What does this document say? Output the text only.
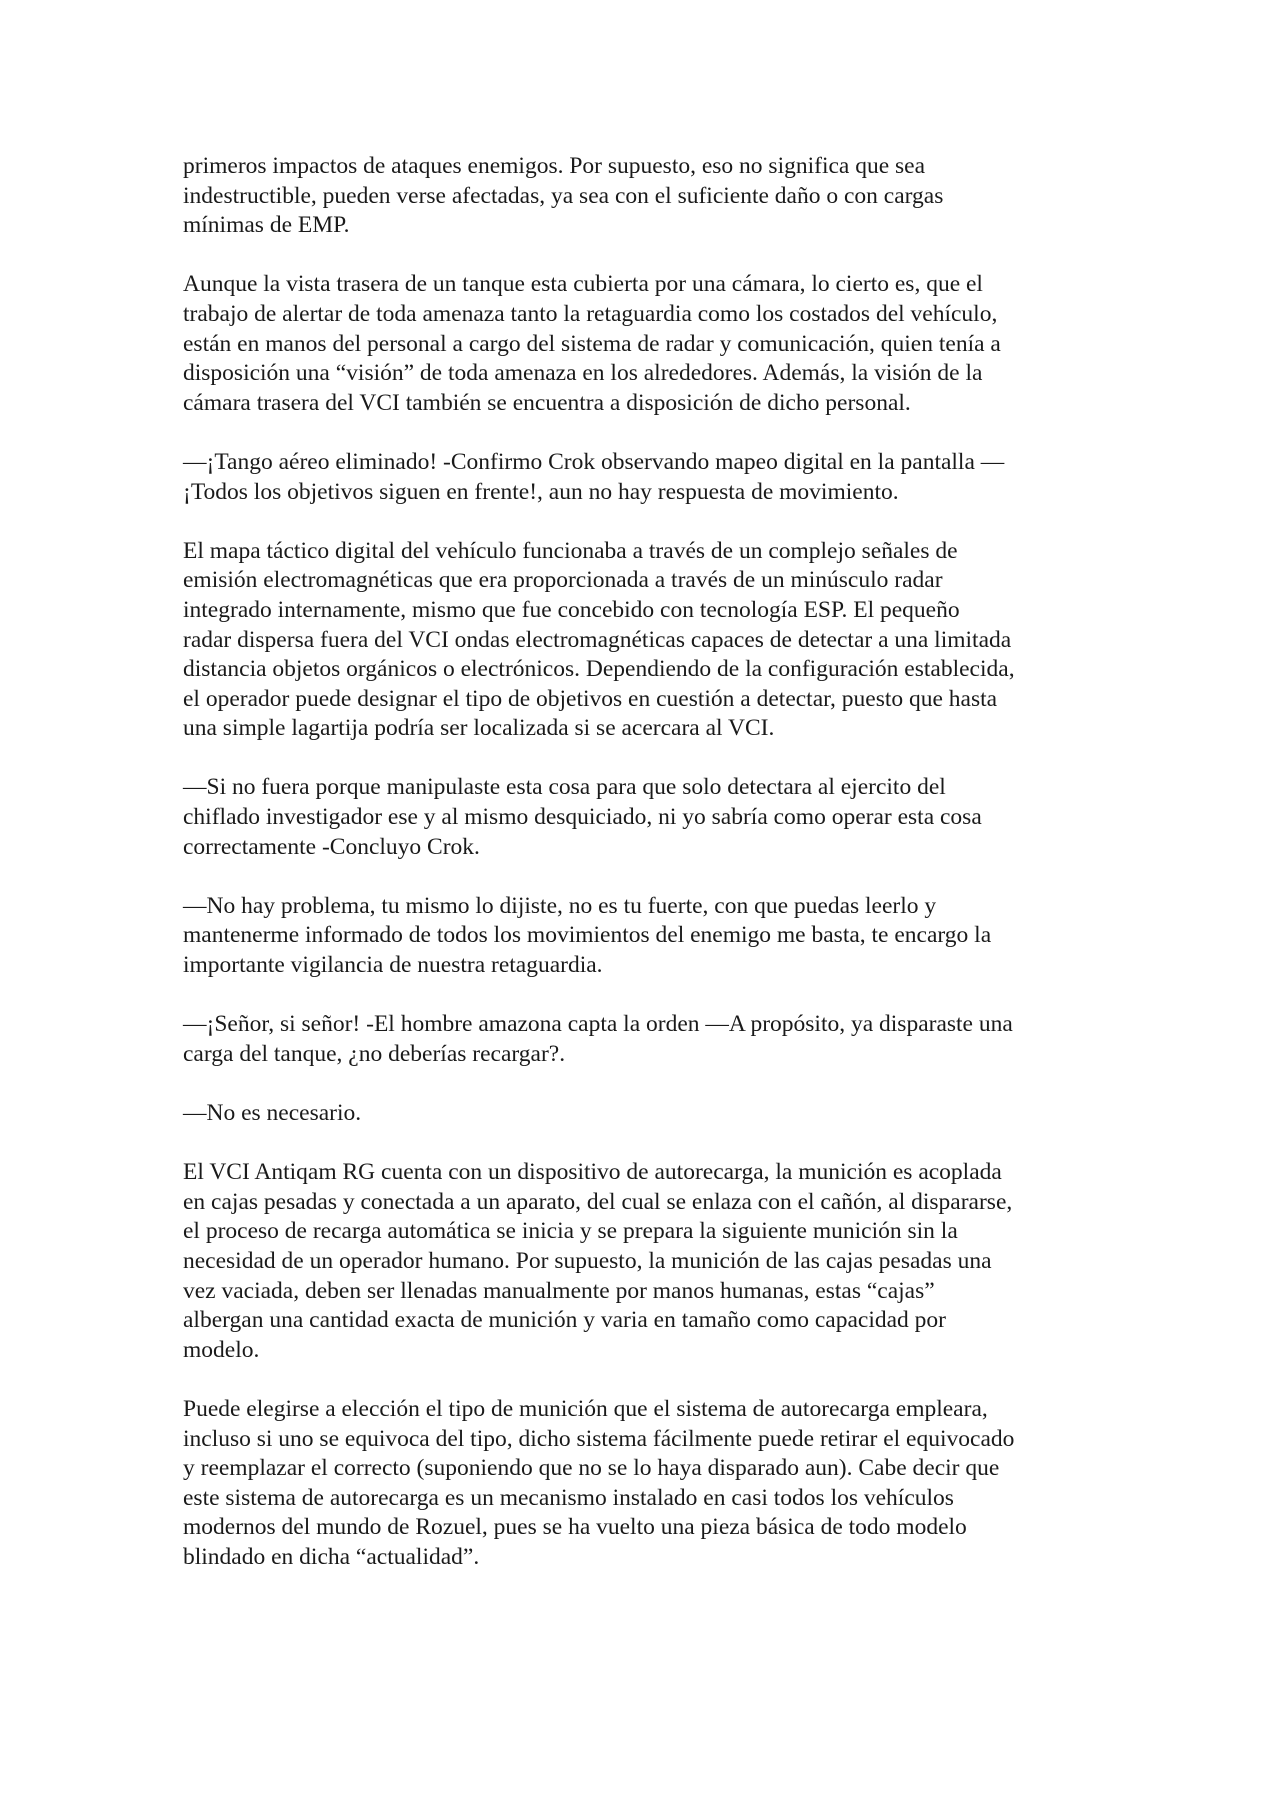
primeros impactos de ataques enemigos. Por supuesto, eso no significa que sea
indestructible, pueden verse afectadas, ya sea con el suficiente daño o con cargas
mínimas de EMP.

Aunque la vista trasera de un tanque esta cubierta por una cámara, lo cierto es, que el
trabajo de alertar de toda amenaza tanto la retaguardia como los costados del vehículo,
están en manos del personal a cargo del sistema de radar y comunicación, quien tenía a
disposición una “visión” de toda amenaza en los alrededores. Además, la visión de la
cámara trasera del VCI también se encuentra a disposición de dicho personal.

—¡Tango aéreo eliminado! -Confirmo Crok observando mapeo digital en la pantalla —
¡Todos los objetivos siguen en frente!, aun no hay respuesta de movimiento.

El mapa táctico digital del vehículo funcionaba a través de un complejo señales de
emisión electromagnéticas que era proporcionada a través de un minúsculo radar
integrado internamente, mismo que fue concebido con tecnología ESP. El pequeño
radar dispersa fuera del VCI ondas electromagnéticas capaces de detectar a una limitada
distancia objetos orgánicos o electrónicos. Dependiendo de la configuración establecida,
el operador puede designar el tipo de objetivos en cuestión a detectar, puesto que hasta
una simple lagartija podría ser localizada si se acercara al VCI.

—Si no fuera porque manipulaste esta cosa para que solo detectara al ejercito del
chiflado investigador ese y al mismo desquiciado, ni yo sabría como operar esta cosa
correctamente -Concluyo Crok.

—No hay problema, tu mismo lo dijiste, no es tu fuerte, con que puedas leerlo y
mantenerme informado de todos los movimientos del enemigo me basta, te encargo la
importante vigilancia de nuestra retaguardia.

—¡Señor, si señor! -El hombre amazona capta la orden —A propósito, ya disparaste una
carga del tanque, ¿no deberías recargar?.

—No es necesario.

El VCI Antiqam RG cuenta con un dispositivo de autorecarga, la munición es acoplada
en cajas pesadas y conectada a un aparato, del cual se enlaza con el cañón, al dispararse,
el proceso de recarga automática se inicia y se prepara la siguiente munición sin la
necesidad de un operador humano. Por supuesto, la munición de las cajas pesadas una
vez vaciada, deben ser llenadas manualmente por manos humanas, estas “cajas”
albergan una cantidad exacta de munición y varia en tamaño como capacidad por
modelo.

Puede elegirse a elección el tipo de munición que el sistema de autorecarga empleara,
incluso si uno se equivoca del tipo, dicho sistema fácilmente puede retirar el equivocado
y reemplazar el correcto (suponiendo que no se lo haya disparado aun). Cabe decir que
este sistema de autorecarga es un mecanismo instalado en casi todos los vehículos
modernos del mundo de Rozuel, pues se ha vuelto una pieza básica de todo modelo
blindado en dicha “actualidad”.
